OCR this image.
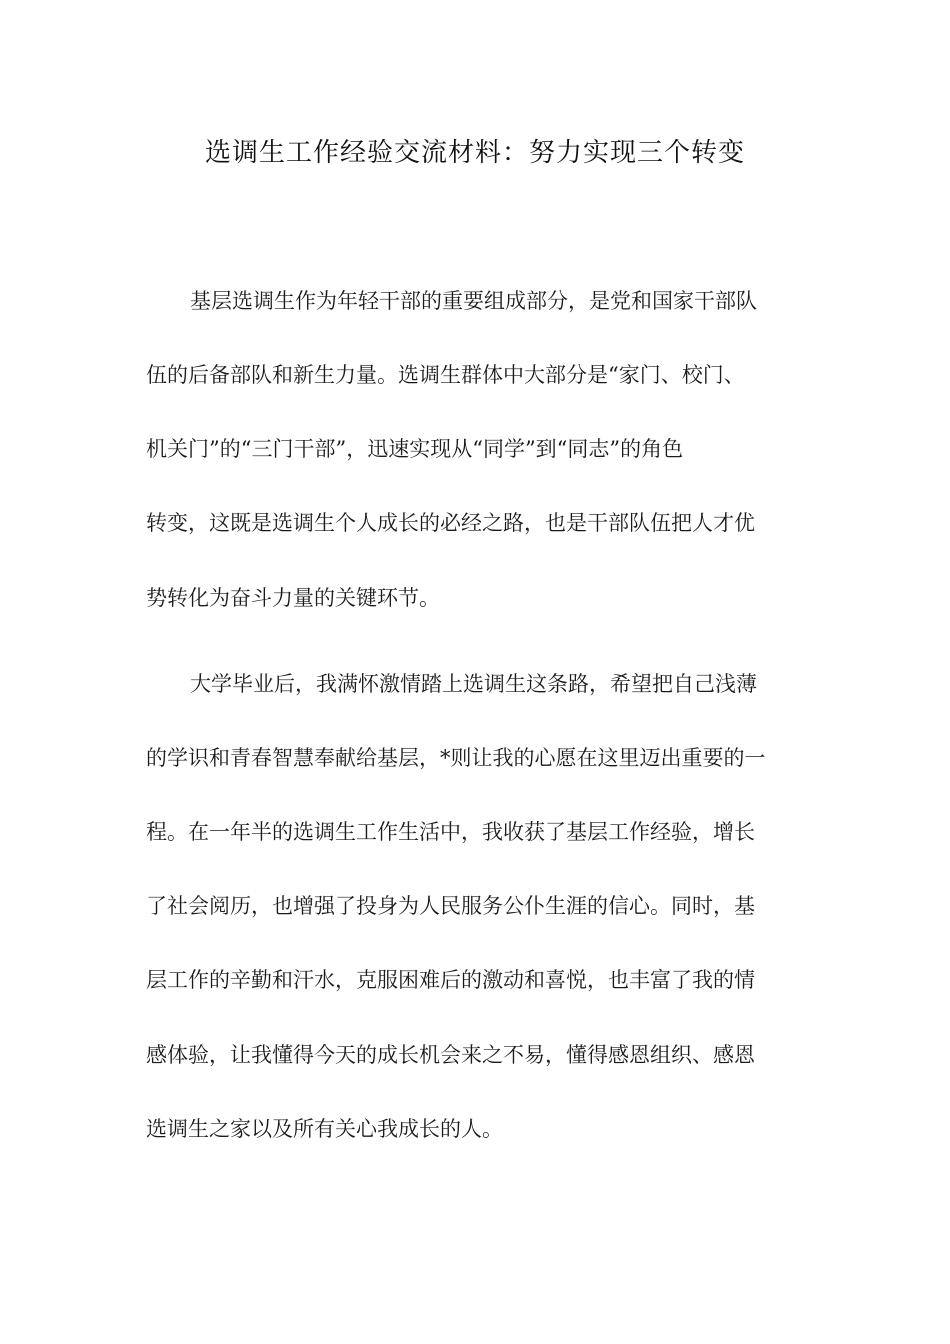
选调生工作经验交流材料：努力实现三个转变

基层选调生作为年轻干部的重要组成部分，是党和国家干部队

伍的后备部队和新生力量。选调生群体中大部分是“家门、校门、

机关门”的“三门干部”，迅速实现从“同学”到“同志”的角色

转变，这既是选调生个人成长的必经之路，也是干部队伍把人才优

势转化为奋斗力量的关键环节。

大学毕业后，我满怀激情踏上选调生这条路，希望把自己浅薄

的学识和青春智慧奉献给基层，*则让我的心愿在这里迈出重要的一

程。在一年半的选调生工作生活中，我收获了基层工作经验，增长

了社会阅历，也增强了投身为人民服务公仆生涯的信心。同时，基

层工作的辛勤和汗水，克服困难后的激动和喜悦，也丰富了我的情

感体验，让我懂得今天的成长机会来之不易，懂得感恩组织、感恩

选调生之家以及所有关心我成长的人。
